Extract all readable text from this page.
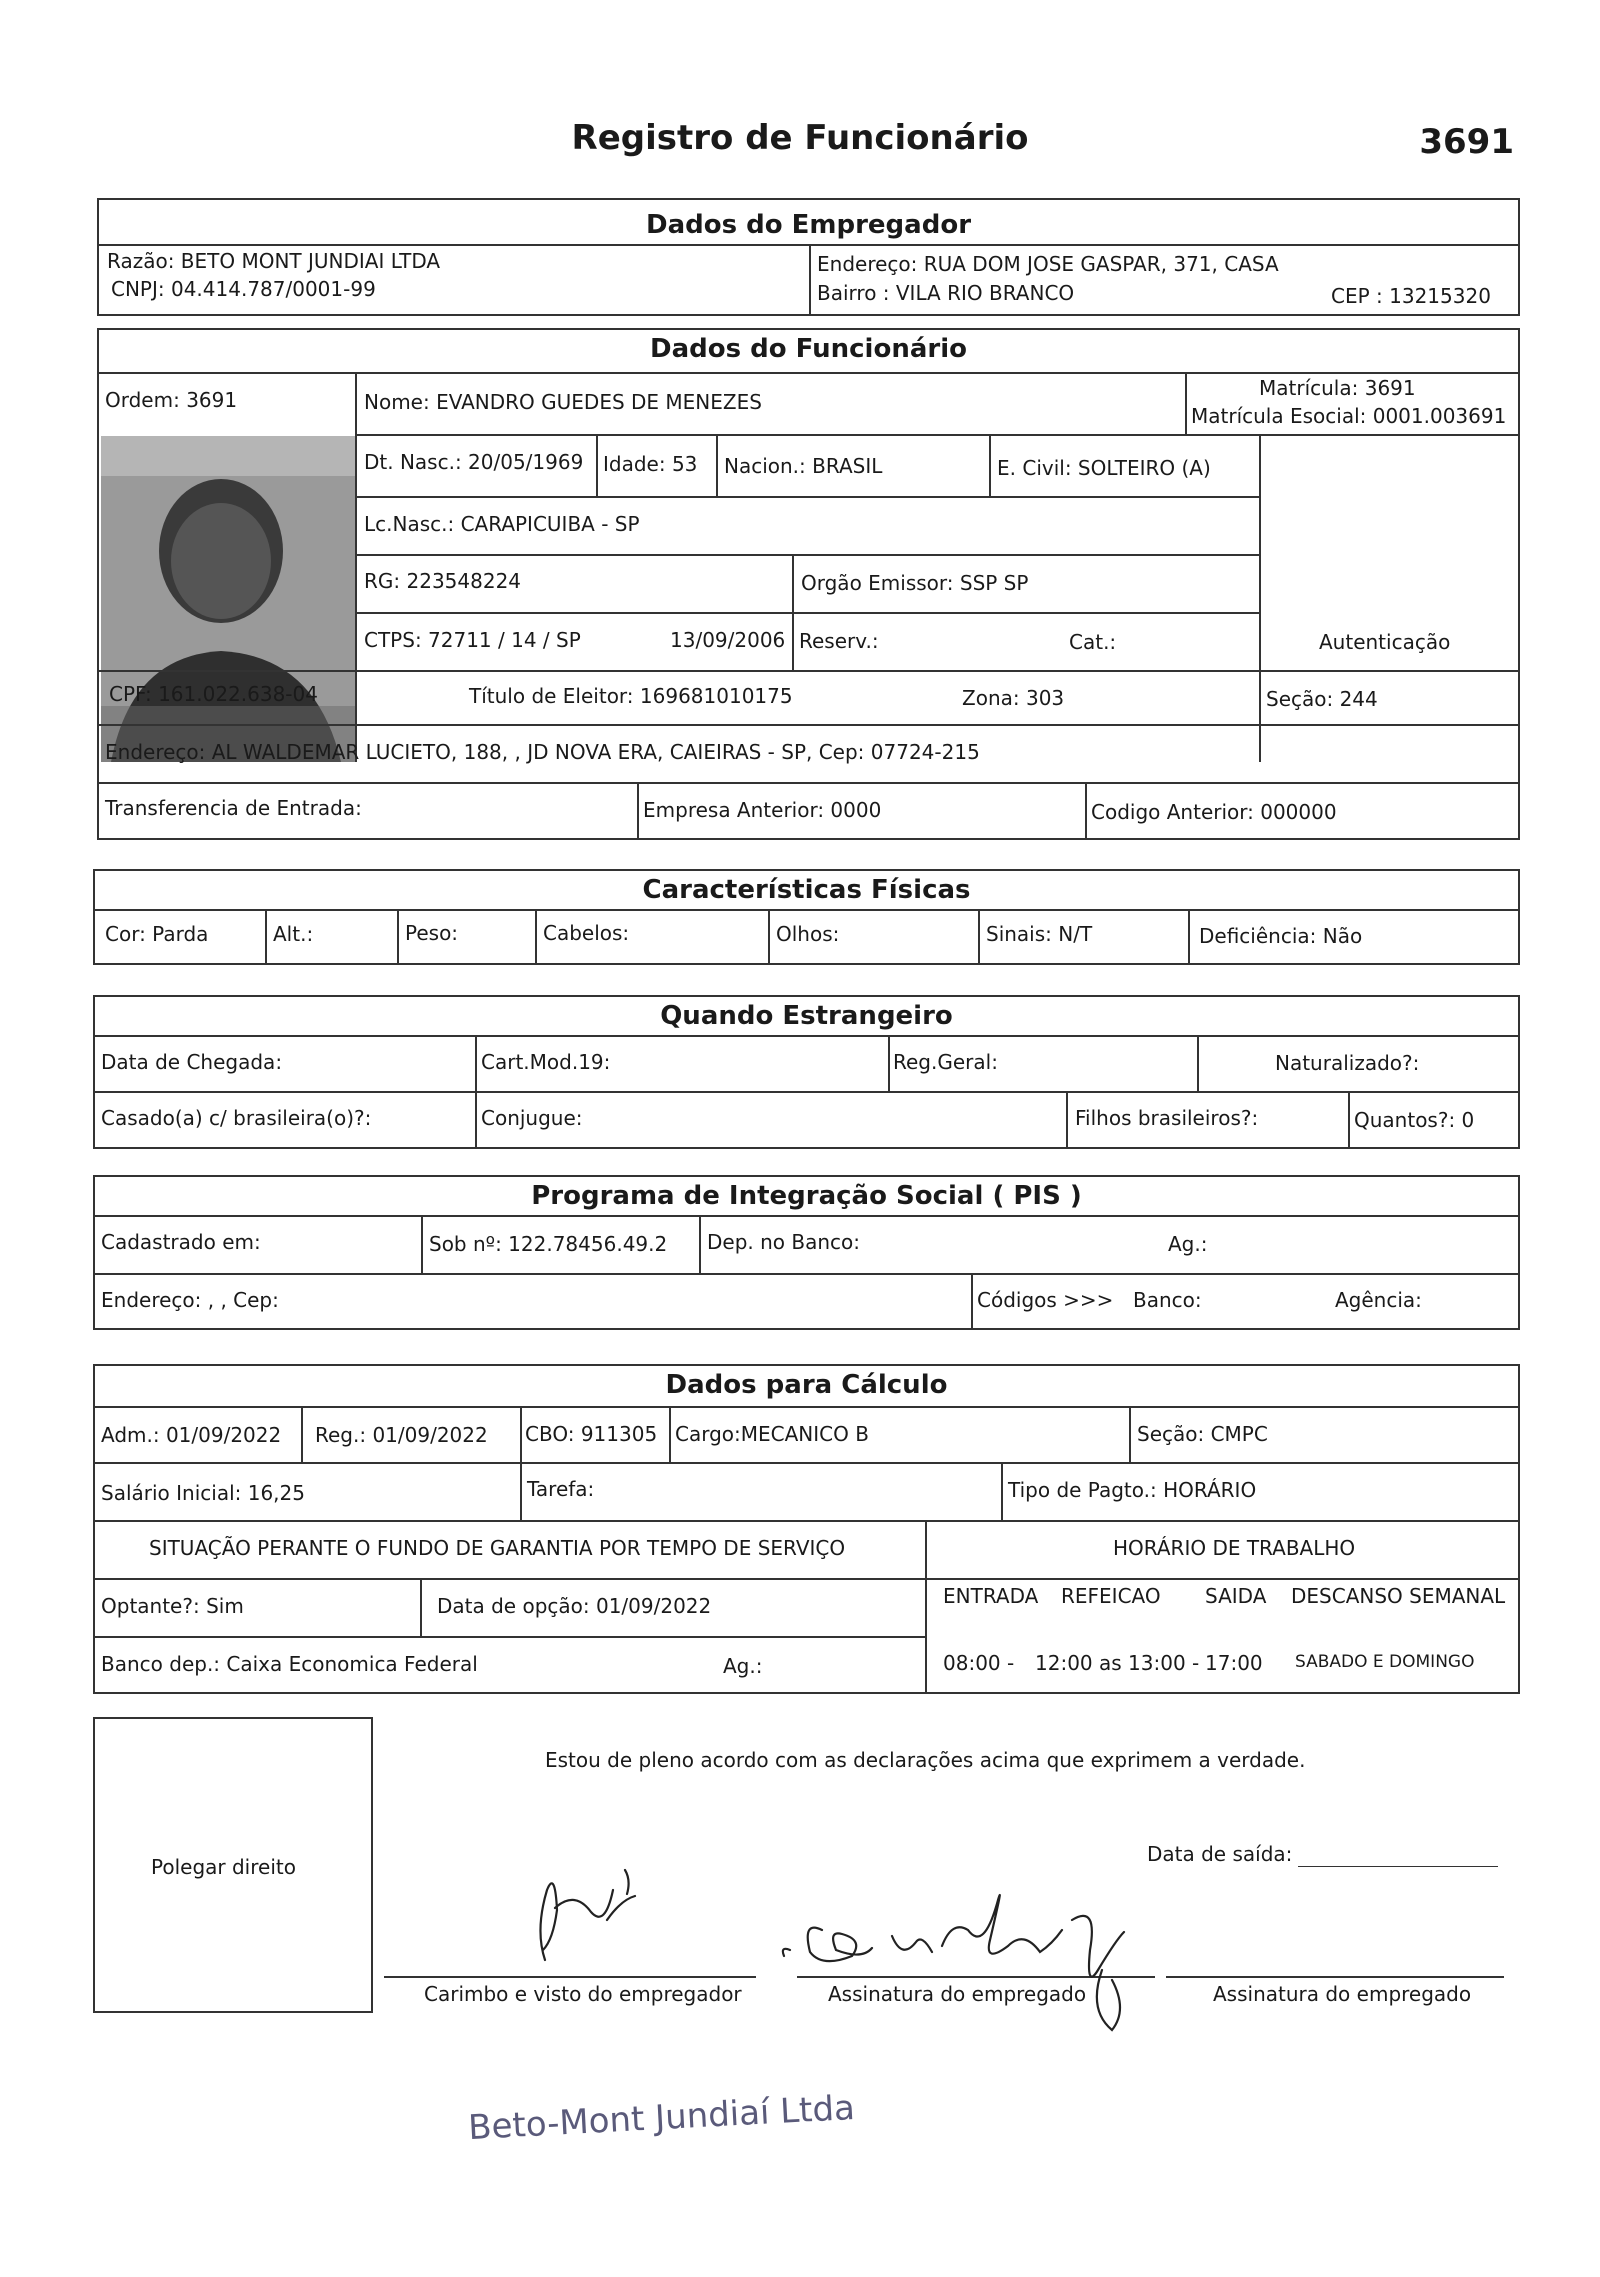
Registro de Funcionário	3691
Dados do Empregador
Razão: BETO MONT JUNDIAI LTDA
CNPJ: 04.414.787/0001-99
Endereço: RUA DOM JOSE GASPAR, 371, CASA
Bairro : VILA RIO BRANCO	CEP : 13215320
Dados do Funcionário
Ordem: 3691	Nome: EVANDRO GUEDES DE MENEZES
Matrícula: 3691
Matrícula Esocial: 0001.003691
Dt. Nasc.: 20/05/1969 Idade: 53 Nacion.: BRASIL	E. Civil: SOLTEIRO (A)
Lc.Nasc.: CARAPICUIBA - SP
RG: 223548224	Orgão Emissor: SSP SP
CTPS: 72711 / 14 / SP	13/09/2006 Reserv.:	Cat.:	Autenticação
CPF: 161.022.638-04	Título de Eleitor: 169681010175	Zona: 303	Seção: 244
Endereço: AL WALDEMAR LUCIETO, 188, , JD NOVA ERA, CAIEIRAS - SP, Cep: 07724-215
Transferencia de Entrada:	Empresa Anterior: 0000	Codigo Anterior: 000000
Características Físicas
Cor: Parda	Alt.:	Peso:	Cabelos:	Olhos:	Sinais: N/T	Deficiência: Não
Quando Estrangeiro
Data de Chegada:	Cart.Mod.19:	Reg.Geral:	Naturalizado?:
Casado(a) c/ brasileira(o)?:	Conjugue:	Filhos brasileiros?:	Quantos?: 0
Programa de Integração Social ( PIS )
Cadastrado em:	Sob nº: 122.78456.49.2 Dep. no Banco:	Ag.:
Endereço: , , Cep:	Códigos >>> Banco:	Agência:
Dados para Cálculo
Adm.: 01/09/2022 Reg.: 01/09/2022 CBO: 911305 Cargo:MECANICO B	Seção: CMPC
Salário Inicial: 16,25	Tarefa:	Tipo de Pagto.: HORÁRIO
SITUAÇÃO PERANTE O FUNDO DE GARANTIA POR TEMPO DE SERVIÇO	HORÁRIO DE TRABALHO
Optante?: Sim	Data de opção: 01/09/2022	ENTRADA REFEICAO SAIDA DESCANSO SEMANAL
Banco dep.: Caixa Economica Federal	Ag.:	08:00 - 12:00 as 13:00 - 17:00 SABADO E DOMINGO
Polegar direito
Estou de pleno acordo com as declarações acima que exprimem a verdade.
Data de saída:
Carimbo e visto do empregador	Assinatura do empregado	Assinatura do empregado
Beto-Mont Jundiaí Ltda
